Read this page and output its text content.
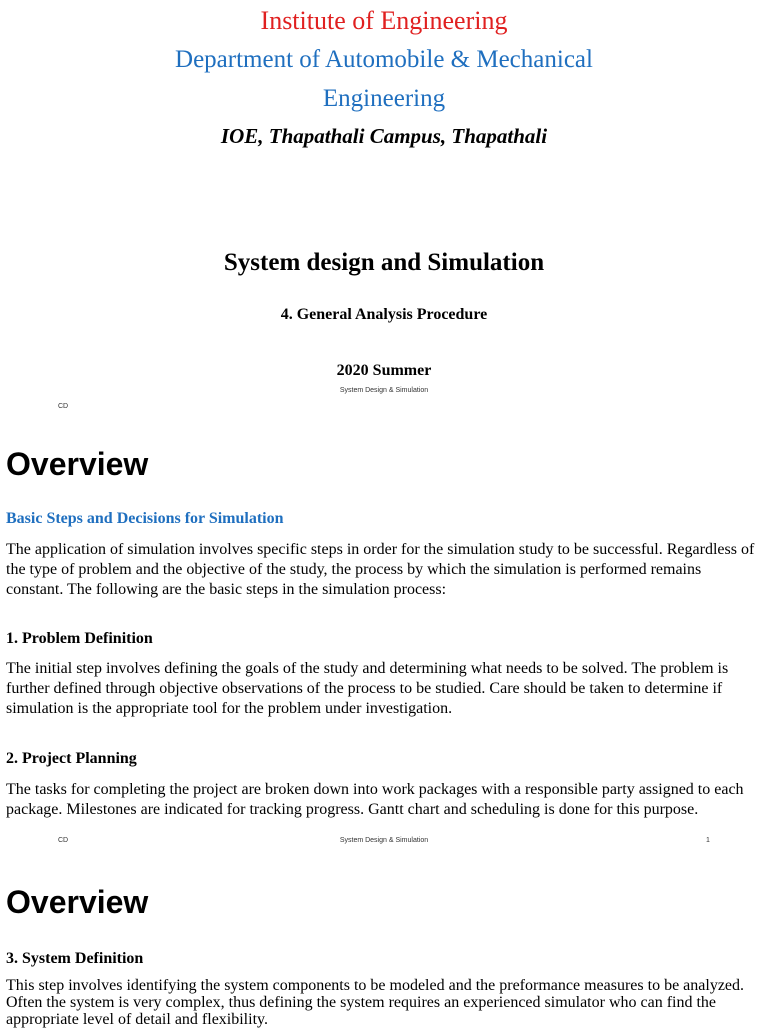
Institute of Engineering
Department of Automobile & Mechanical
Engineering
IOE, Thapathali Campus, Thapathali
System design and Simulation
4. General Analysis Procedure
2020 Summer
System Design & Simulation
CD
Overview
Basic Steps and Decisions for Simulation

The application of simulation involves specific steps in order for the simulation study to be successful. Regardless of the type of problem and the objective of the study, the process by which the simulation is performed remains constant. The following are the basic steps in the simulation process:

1. Problem Definition

The initial step involves defining the goals of the study and determining what needs to be solved. The problem is further defined through objective observations of the process to be studied. Care should be taken to determine if simulation is the appropriate tool for the problem under investigation.

2. Project Planning

The tasks for completing the project are broken down into work packages with a responsible party assigned to each package. Milestones are indicated for tracking progress. Gantt chart and scheduling is done for this purpose.

CD	System Design & Simulation	1
Overview
3. System Definition

This step involves identifying the system components to be modeled and the preformance measures to be analyzed. Often the system is very complex, thus defining the system requires an experienced simulator who can find the appropriate level of detail and flexibility.
